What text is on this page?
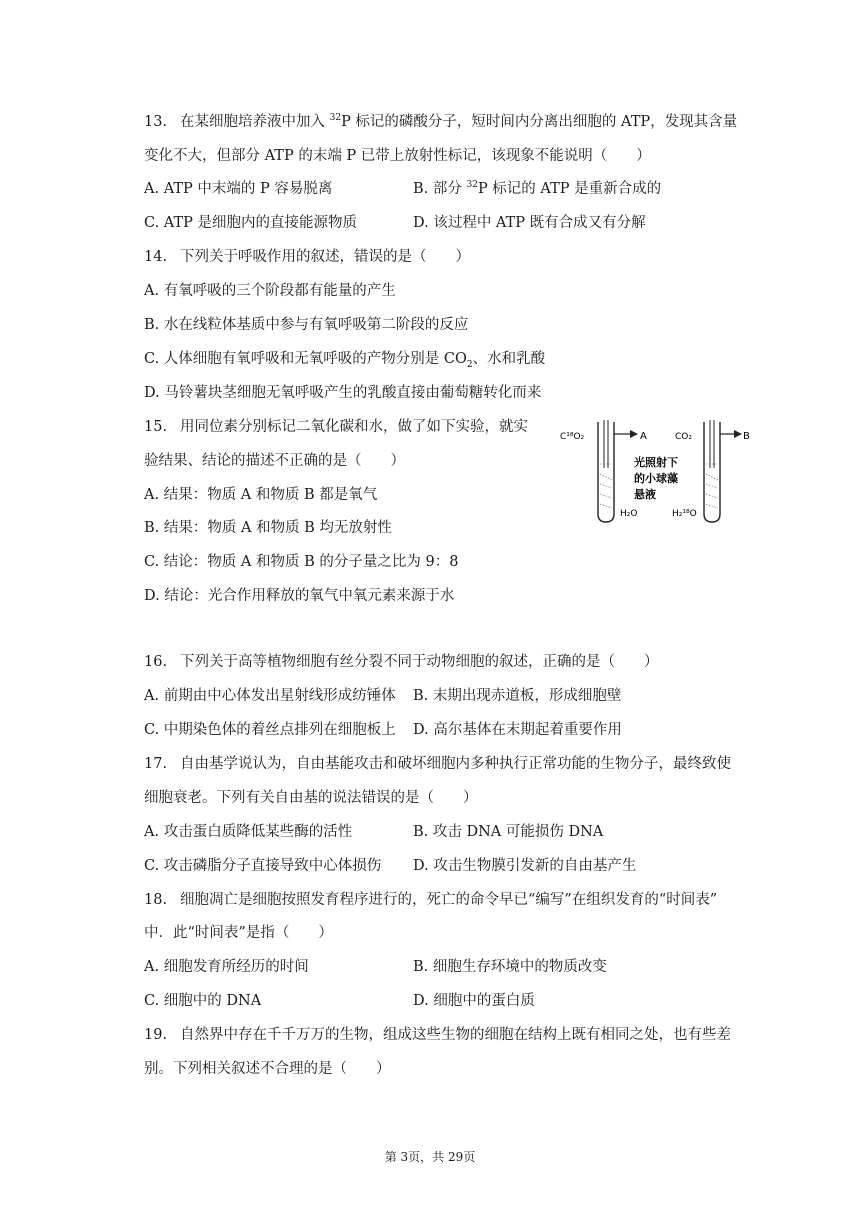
13. 在某细胞培养液中加入 $^{32}$P 标记的磷酸分子，短时间内分离出细胞的 ATP，发现其含量
变化不大，但部分 ATP 的末端 P 已带上放射性标记，该现象不能说明（　　）
A. ATP 中末端的 P 容易脱离	B. 部分 $^{32}$P 标记的 ATP 是重新合成的
C. ATP 是细胞内的直接能源物质	D. 该过程中 ATP 既有合成又有分解
14. 下列关于呼吸作用的叙述，错误的是（　　）
A. 有氧呼吸的三个阶段都有能量的产生
B. 水在线粒体基质中参与有氧呼吸第二阶段的反应
C. 人体细胞有氧呼吸和无氧呼吸的产物分别是 $CO_2$、水和乳酸
D. 马铃薯块茎细胞无氧呼吸产生的乳酸直接由葡萄糖转化而来
15. 用同位素分别标记二氧化碳和水，做了如下实验，就实
验结果、结论的描述不正确的是（　　）
A. 结果：物质 A 和物质 B 都是氧气
B. 结果：物质 A 和物质 B 均无放射性
C. 结论：物质 A 和物质 B 的分子量之比为 9：8
D. 结论：光合作用释放的氧气中氧元素来源于水
C¹⁸O₂	A
H₂O
CO₂	B
H₂¹⁸O
光照射下
的小球藻
悬液
16. 下列关于高等植物细胞有丝分裂不同于动物细胞的叙述，正确的是（　　）
A. 前期由中心体发出星射线形成纺锤体 B. 末期出现赤道板，形成细胞壁
C. 中期染色体的着丝点排列在细胞板上 D. 高尔基体在末期起着重要作用
17. 自由基学说认为，自由基能攻击和破坏细胞内多种执行正常功能的生物分子，最终致使
细胞衰老。下列有关自由基的说法错误的是（　　）
A. 攻击蛋白质降低某些酶的活性	B. 攻击 DNA 可能损伤 DNA
C. 攻击磷脂分子直接导致中心体损伤 D. 攻击生物膜引发新的自由基产生
18. 细胞凋亡是细胞按照发育程序进行的，死亡的命令早已“编写”在组织发育的“时间表”
中．此“时间表”是指（　　）
A. 细胞发育所经历的时间	B. 细胞生存环境中的物质改变
C. 细胞中的 DNA	D. 细胞中的蛋白质
19. 自然界中存在千千万万的生物，组成这些生物的细胞在结构上既有相同之处，也有些差
别。下列相关叙述不合理的是（　　）
第 3页，共 29页
